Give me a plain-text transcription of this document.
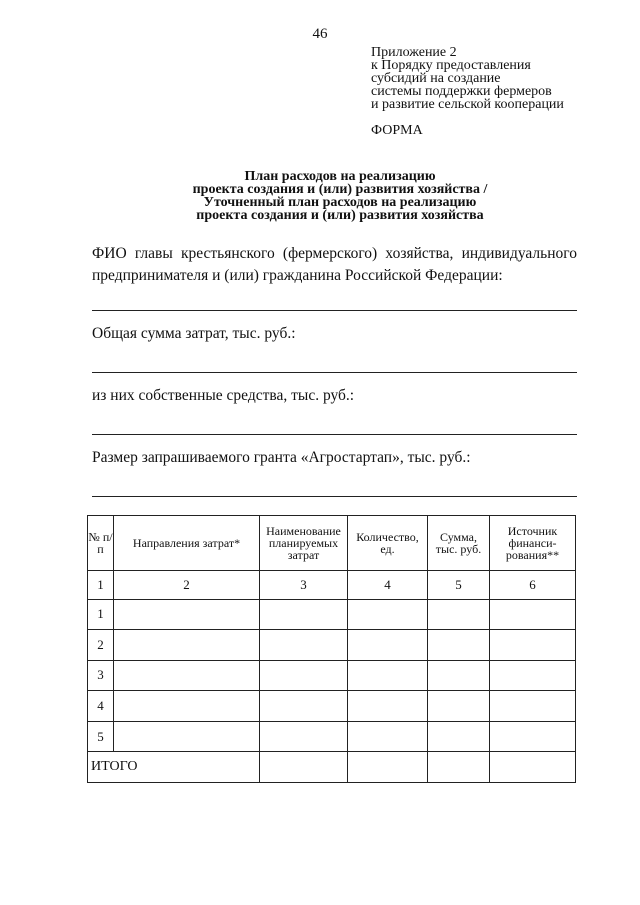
46
Приложение 2
к Порядку предоставления
субсидий на создание
системы поддержки фермеров
и развитие сельской кооперации
ФОРМА
План расходов на реализацию
проекта создания и (или) развития хозяйства /
Уточненный план расходов на реализацию
проекта создания и (или) развития хозяйства
ФИО главы крестьянского (фермерского) хозяйства, индивидуального
предпринимателя и (или) гражданина Российской Федерации:
Общая сумма затрат, тыс. руб.:
из них собственные средства, тыс. руб.:
Размер запрашиваемого гранта «Агростартап», тыс. руб.:
№ п/п	Направления затрат*	Наименование планируемых затрат	Количество, ед.	Сумма, тыс. руб.	Источник финанси-рования**
1	2	3	4	5	6
1					
2					
3					
4					
5					
ИТОГО					
